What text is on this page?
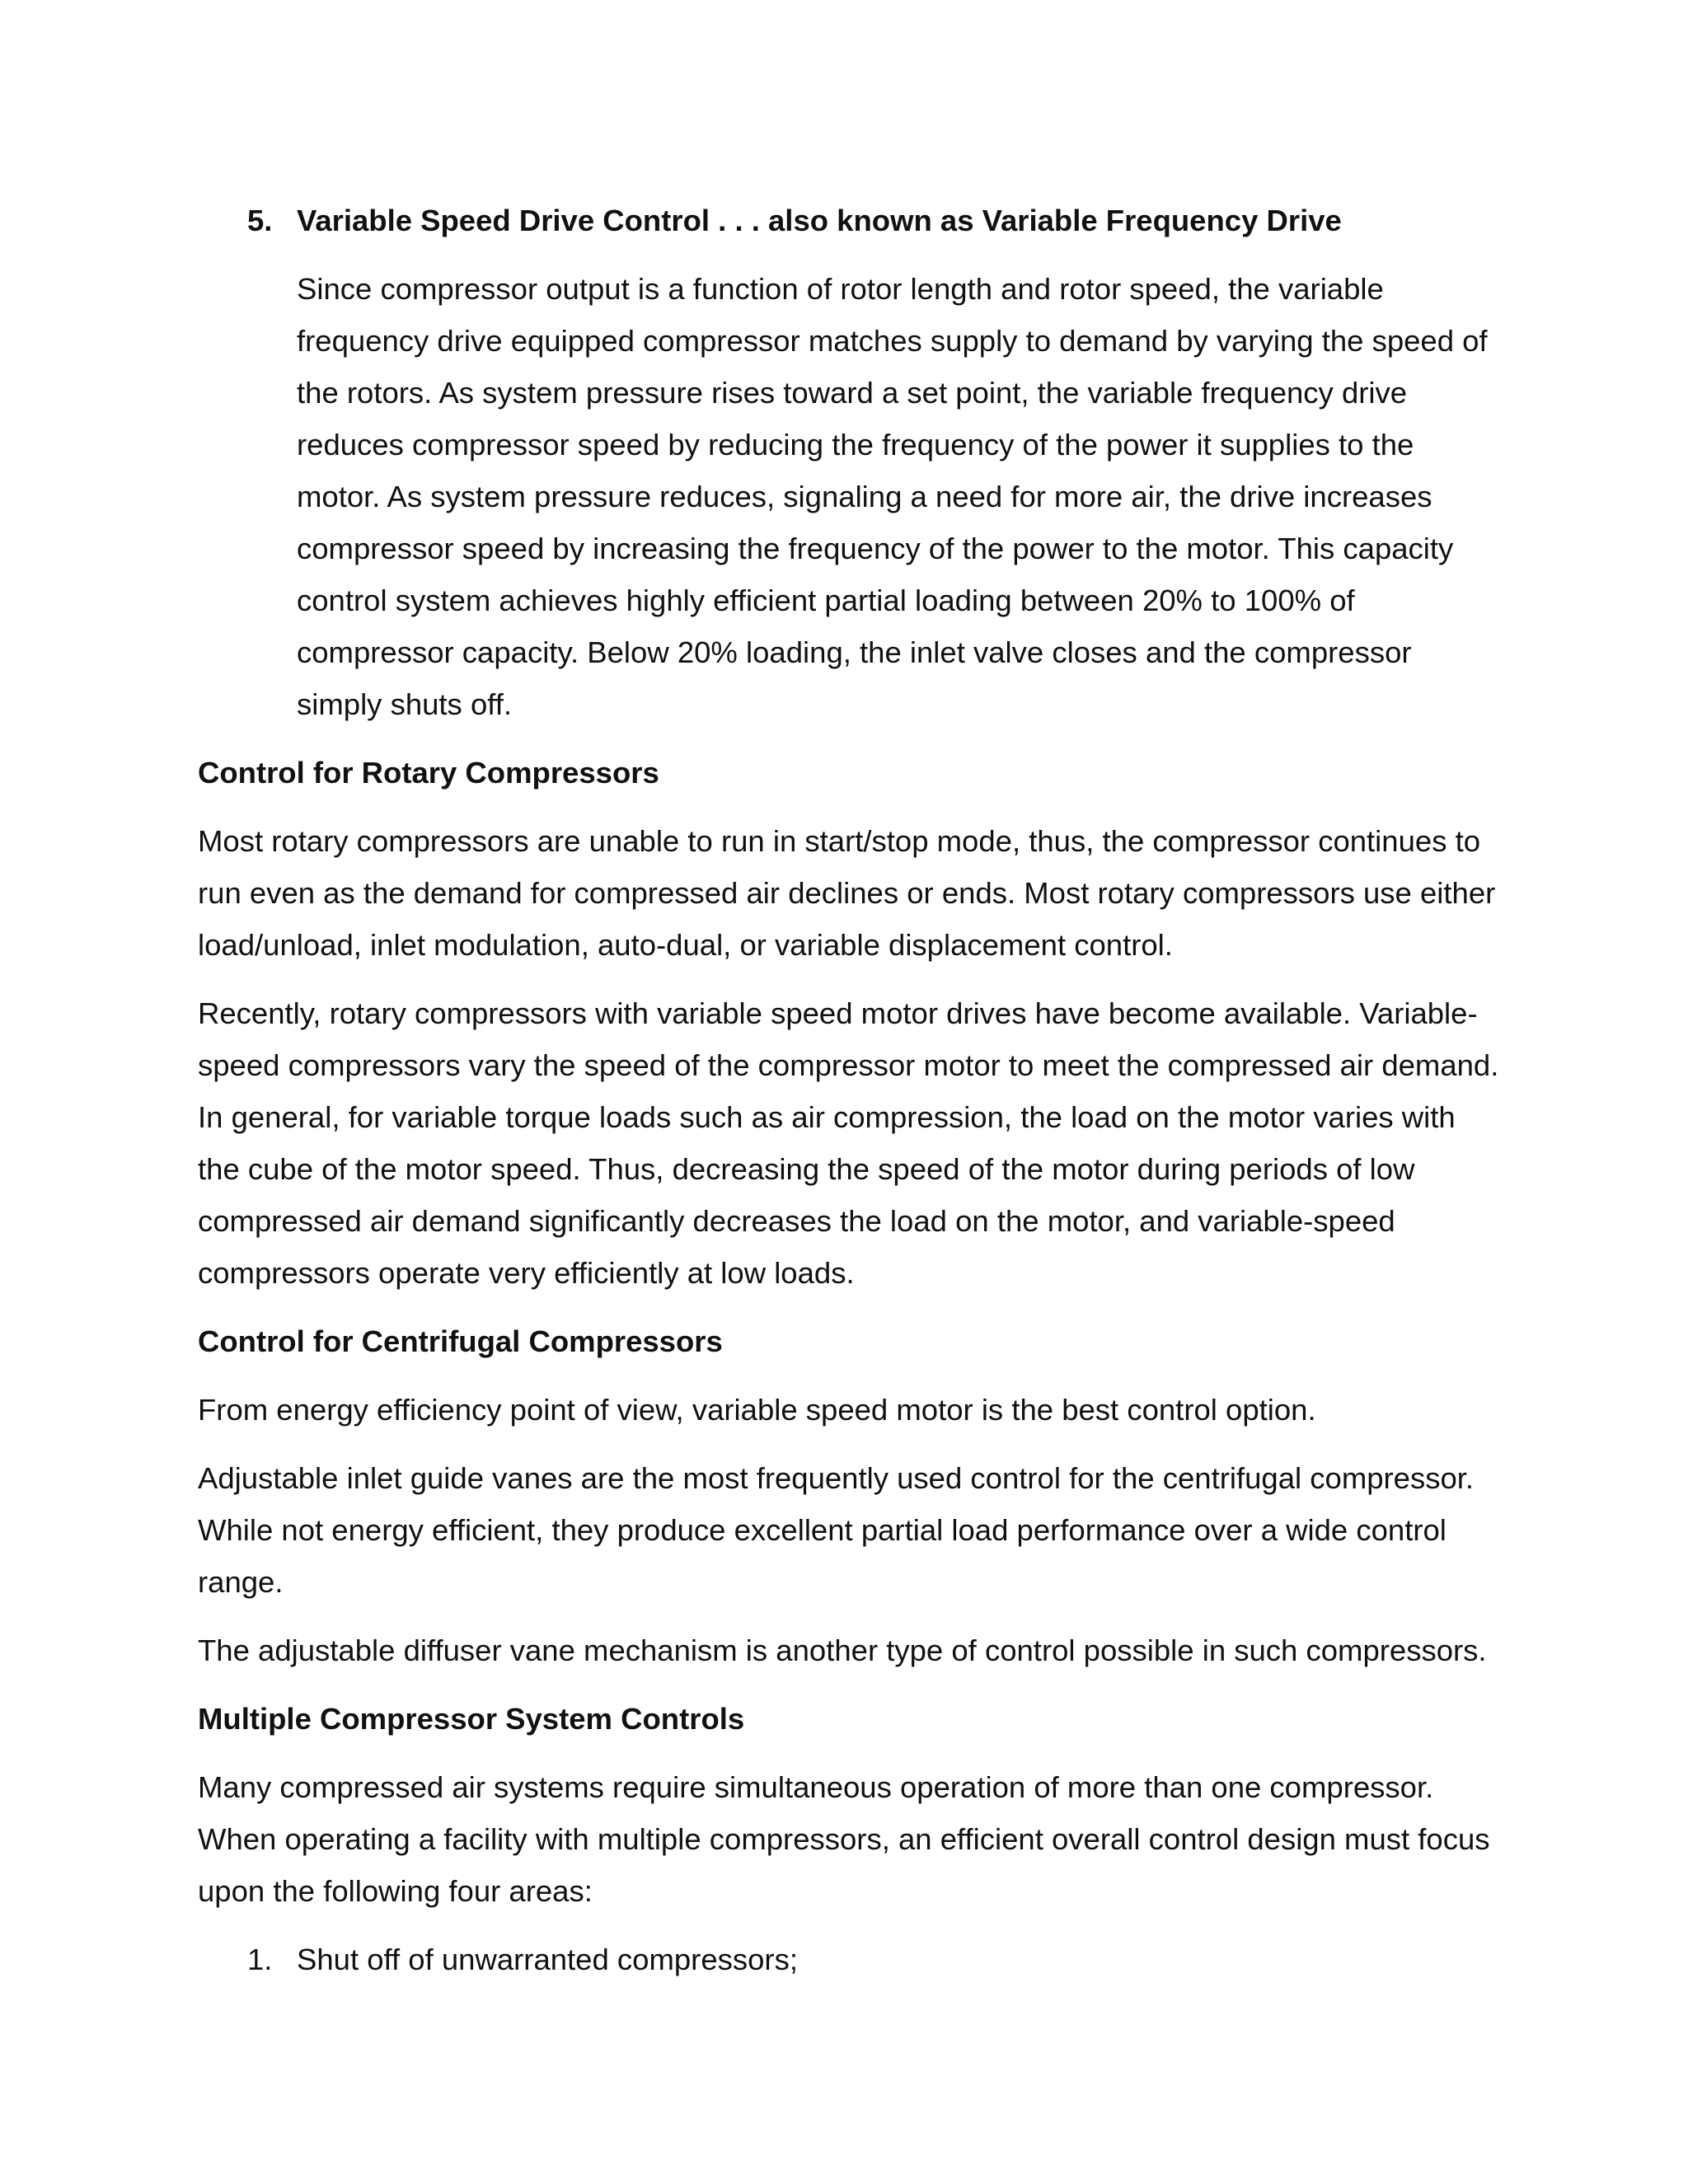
5. Variable Speed Drive Control . . . also known as Variable Frequency Drive
Since compressor output is a function of rotor length and rotor speed, the variable frequency drive equipped compressor matches supply to demand by varying the speed of the rotors. As system pressure rises toward a set point, the variable frequency drive reduces compressor speed by reducing the frequency of the power it supplies to the motor. As system pressure reduces, signaling a need for more air, the drive increases compressor speed by increasing the frequency of the power to the motor. This capacity control system achieves highly efficient partial loading between 20% to 100% of compressor capacity. Below 20% loading, the inlet valve closes and the compressor simply shuts off.
Control for Rotary Compressors
Most rotary compressors are unable to run in start/stop mode, thus, the compressor continues to run even as the demand for compressed air declines or ends. Most rotary compressors use either load/unload, inlet modulation, auto-dual, or variable displacement control.
Recently, rotary compressors with variable speed motor drives have become available. Variable-speed compressors vary the speed of the compressor motor to meet the compressed air demand. In general, for variable torque loads such as air compression, the load on the motor varies with the cube of the motor speed. Thus, decreasing the speed of the motor during periods of low compressed air demand significantly decreases the load on the motor, and variable-speed compressors operate very efficiently at low loads.
Control for Centrifugal Compressors
From energy efficiency point of view, variable speed motor is the best control option.
Adjustable inlet guide vanes are the most frequently used control for the centrifugal compressor. While not energy efficient, they produce excellent partial load performance over a wide control range.
The adjustable diffuser vane mechanism is another type of control possible in such compressors.
Multiple Compressor System Controls
Many compressed air systems require simultaneous operation of more than one compressor. When operating a facility with multiple compressors, an efficient overall control design must focus upon the following four areas:
1. Shut off of unwarranted compressors;
